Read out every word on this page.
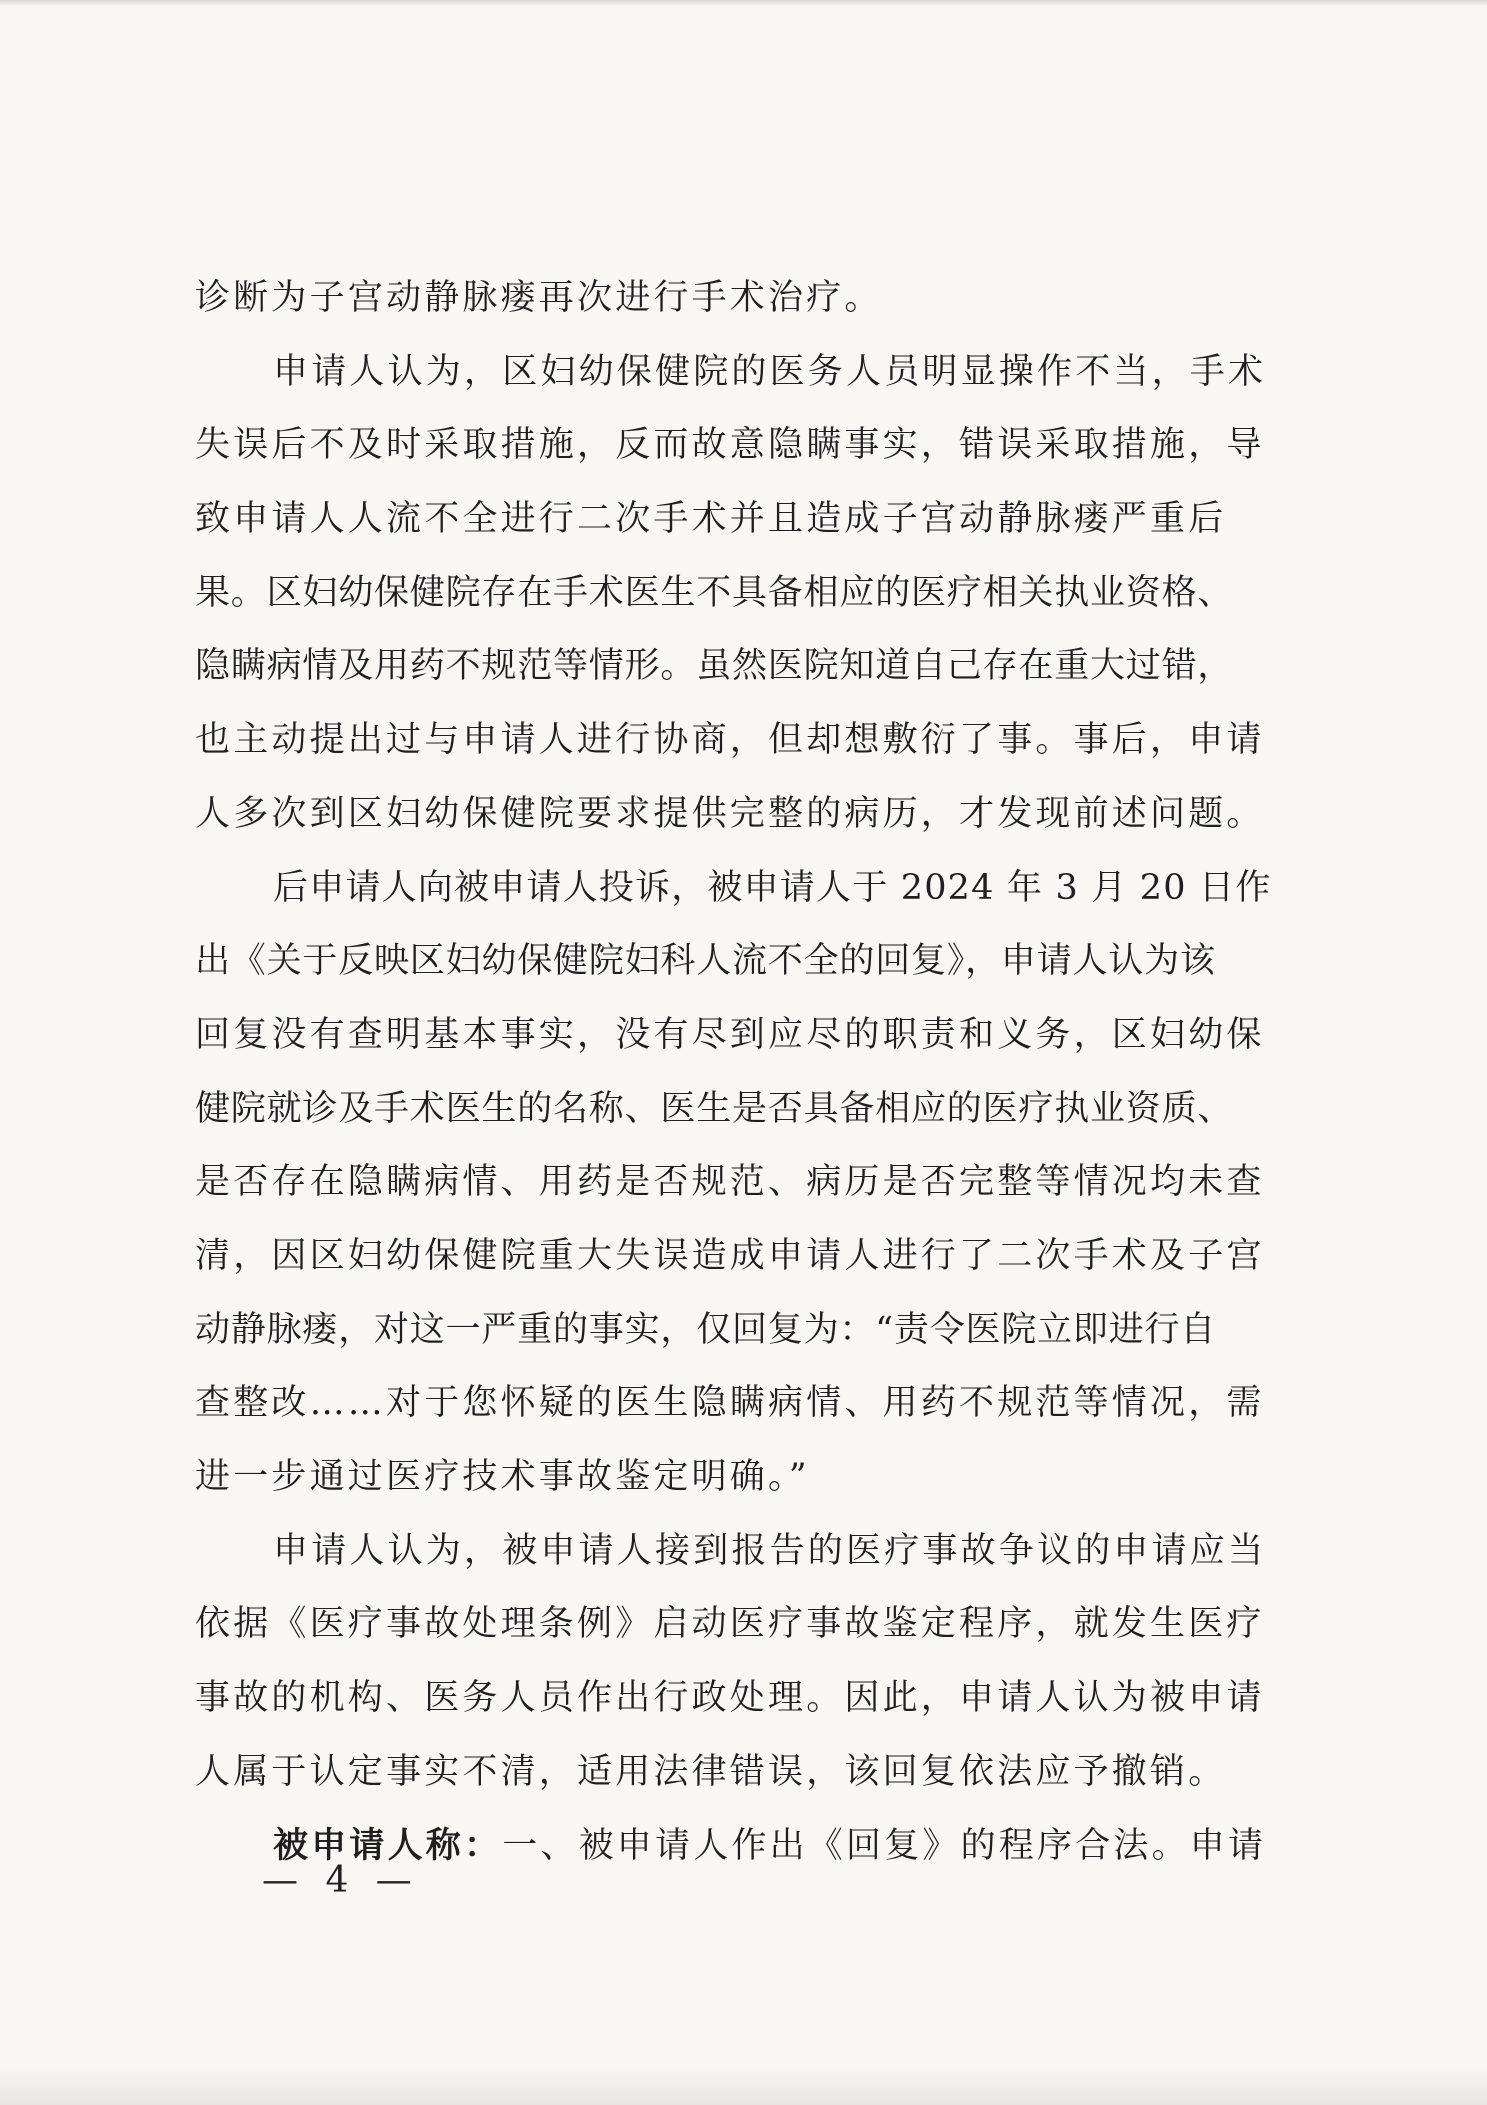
诊断为子宫动静脉瘘再次进行手术治疗。
申请人认为，区妇幼保健院的医务人员明显操作不当，手术
失误后不及时采取措施，反而故意隐瞒事实，错误采取措施，导
致申请人人流不全进行二次手术并且造成子宫动静脉瘘严重后
果。区妇幼保健院存在手术医生不具备相应的医疗相关执业资格、
隐瞒病情及用药不规范等情形。虽然医院知道自己存在重大过错，
也主动提出过与申请人进行协商，但却想敷衍了事。事后，申请
人多次到区妇幼保健院要求提供完整的病历，才发现前述问题。
后申请人向被申请人投诉，被申请人于 2024 年 3 月 20 日作
出《关于反映区妇幼保健院妇科人流不全的回复》，申请人认为该
回复没有查明基本事实，没有尽到应尽的职责和义务，区妇幼保
健院就诊及手术医生的名称、医生是否具备相应的医疗执业资质、
是否存在隐瞒病情、用药是否规范、病历是否完整等情况均未查
清，因区妇幼保健院重大失误造成申请人进行了二次手术及子宫
动静脉瘘，对这一严重的事实，仅回复为：“责令医院立即进行自
查整改……对于您怀疑的医生隐瞒病情、用药不规范等情况，需
进一步通过医疗技术事故鉴定明确。”
申请人认为，被申请人接到报告的医疗事故争议的申请应当
依据《医疗事故处理条例》启动医疗事故鉴定程序，就发生医疗
事故的机构、医务人员作出行政处理。因此，申请人认为被申请
人属于认定事实不清，适用法律错误，该回复依法应予撤销。
被申请人称：一、被申请人作出《回复》的程序合法。申请
— 4 —
